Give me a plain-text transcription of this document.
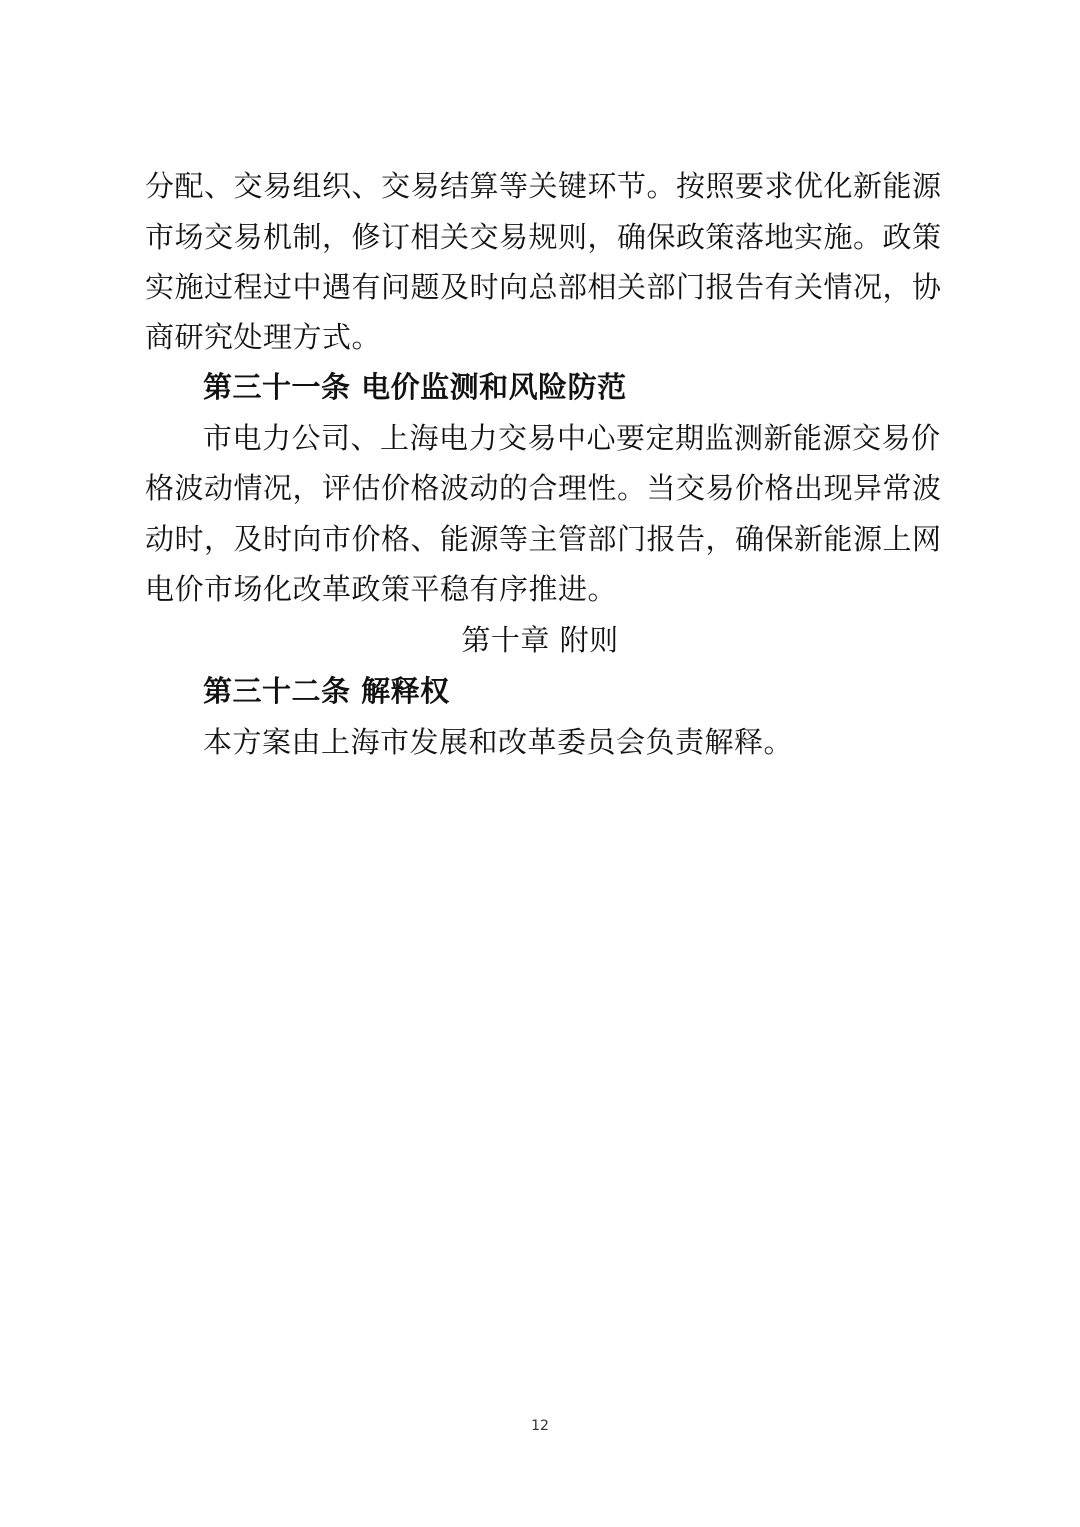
分配、交易组织、交易结算等关键环节。按照要求优化新能源
市场交易机制，修订相关交易规则，确保政策落地实施。政策
实施过程过中遇有问题及时向总部相关部门报告有关情况，协
商研究处理方式。
第三十一条 电价监测和风险防范
市电力公司、上海电力交易中心要定期监测新能源交易价
格波动情况，评估价格波动的合理性。当交易价格出现异常波
动时，及时向市价格、能源等主管部门报告，确保新能源上网
电价市场化改革政策平稳有序推进。
第十章 附则
第三十二条 解释权
本方案由上海市发展和改革委员会负责解释。
12
